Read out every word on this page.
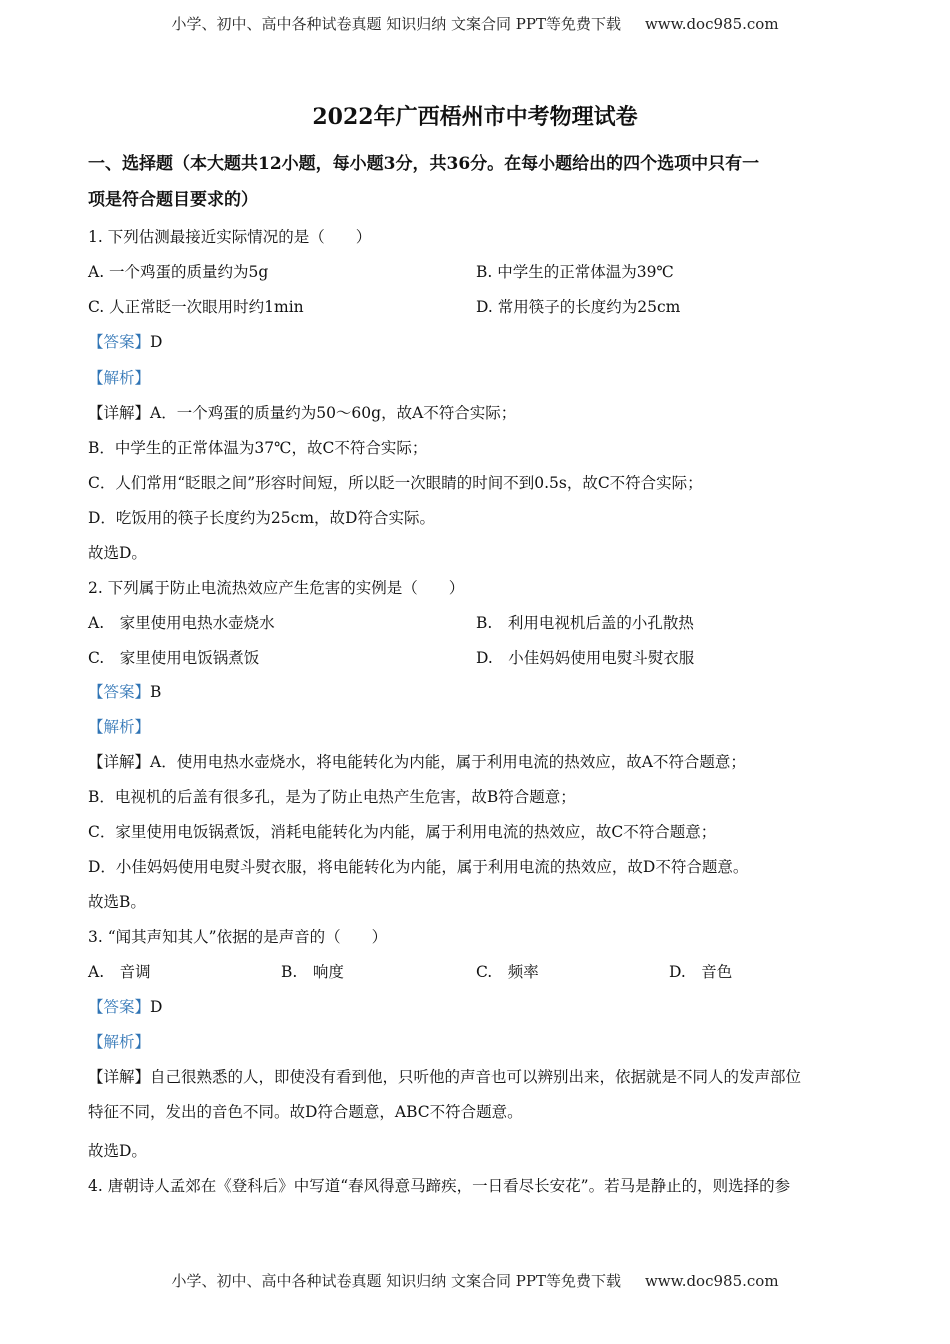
小学、初中、高中各种试卷真题 知识归纳 文案合同 PPT等免费下载 www.doc985.com
2022年广西梧州市中考物理试卷
一、选择题（本大题共12小题，每小题3分，共36分。在每小题给出的四个选项中只有一
项是符合题目要求的）
1. 下列估测最接近实际情况的是（　　）
A. 一个鸡蛋的质量约为5g	B. 中学生的正常体温为39℃
C. 人正常眨一次眼用时约1min	D. 常用筷子的长度约为25cm
【答案】D
【解析】
【详解】A．一个鸡蛋的质量约为50～60g，故A不符合实际；
B．中学生的正常体温为37℃，故C不符合实际；
C．人们常用“眨眼之间”形容时间短，所以眨一次眼睛的时间不到0.5s，故C不符合实际；
D．吃饭用的筷子长度约为25cm，故D符合实际。
故选D。
2. 下列属于防止电流热效应产生危害的实例是（　　）
A.　家里使用电热水壶烧水	B.　利用电视机后盖的小孔散热
C.　家里使用电饭锅煮饭	D.　小佳妈妈使用电熨斗熨衣服
【答案】B
【解析】
【详解】A．使用电热水壶烧水，将电能转化为内能，属于利用电流的热效应，故A不符合题意；
B．电视机的后盖有很多孔，是为了防止电热产生危害，故B符合题意；
C．家里使用电饭锅煮饭，消耗电能转化为内能，属于利用电流的热效应，故C不符合题意；
D．小佳妈妈使用电熨斗熨衣服，将电能转化为内能，属于利用电流的热效应，故D不符合题意。
故选B。
3. “闻其声知其人”依据的是声音的（　　）
A.　音调	B.　响度	C.　频率	D.　音色
【答案】D
【解析】
【详解】自己很熟悉的人，即使没有看到他，只听他的声音也可以辨别出来，依据就是不同人的发声部位
特征不同，发出的音色不同。故D符合题意，ABC不符合题意。
故选D。
4. 唐朝诗人孟郊在《登科后》中写道“春风得意马蹄疾，一日看尽长安花”。若马是静止的，则选择的参
小学、初中、高中各种试卷真题 知识归纳 文案合同 PPT等免费下载 www.doc985.com
